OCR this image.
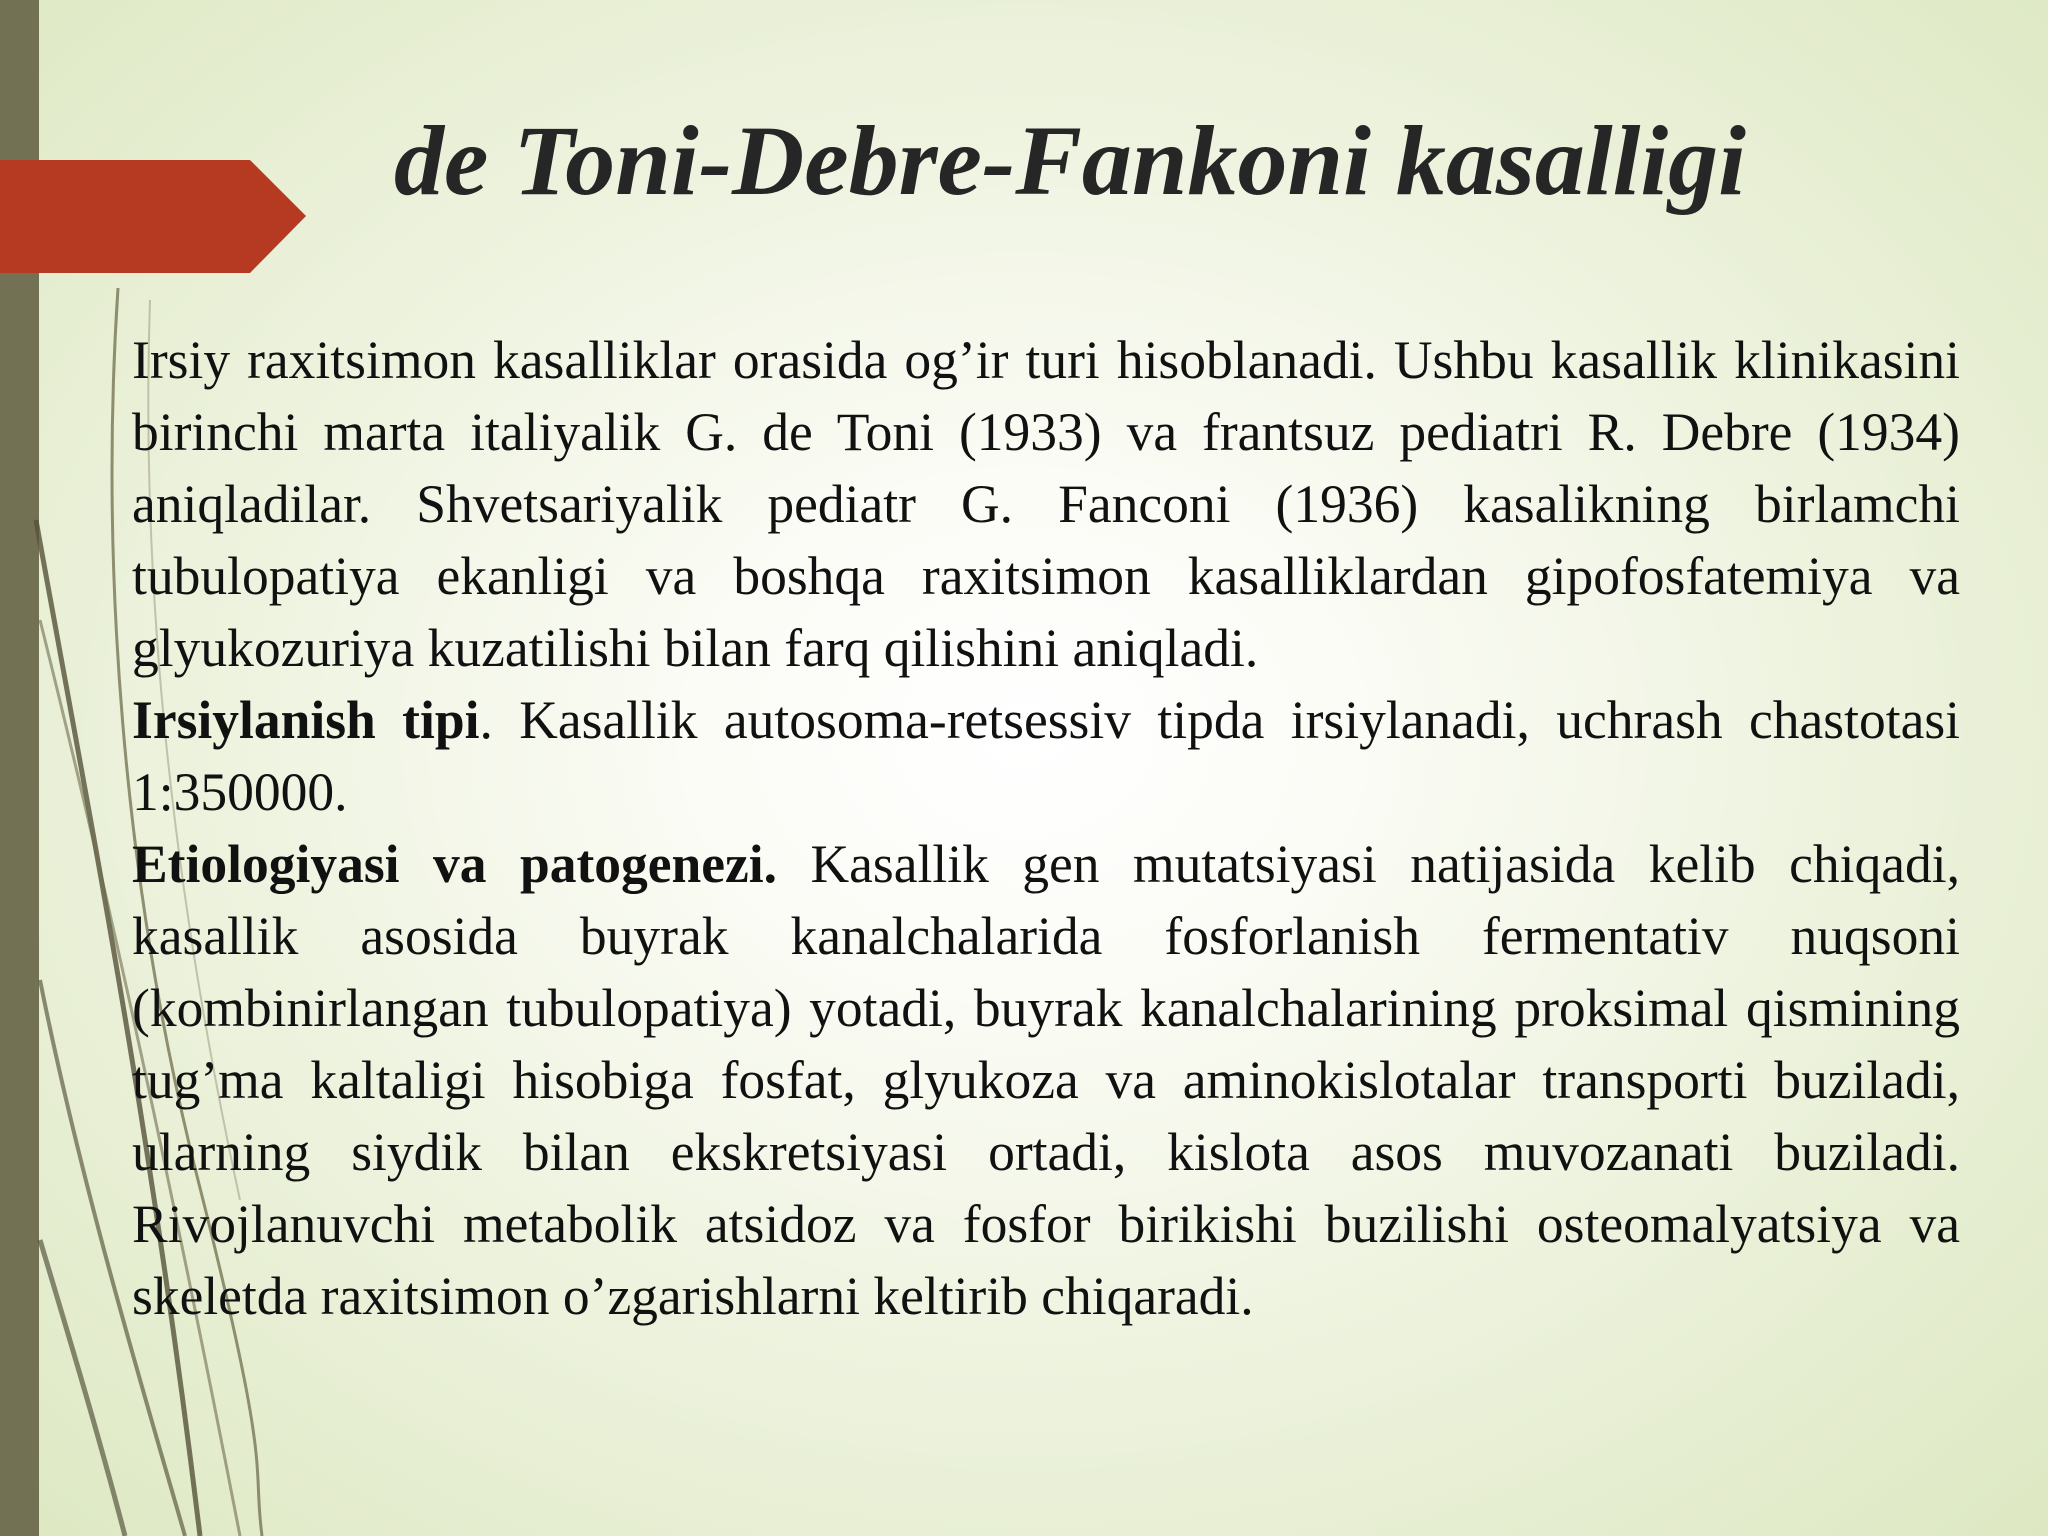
de Toni-Debre-Fankoni kasalligi

Irsiy raxitsimon kasalliklar orasida og’ir turi hisoblanadi. Ushbu kasallik klinikasini birinchi marta italiyalik G. de Toni (1933) va frantsuz pediatri R. Debre (1934) aniqladilar. Shvetsariyalik pediatr G. Fanconi (1936) kasalikning birlamchi tubulopatiya ekanligi va boshqa raxitsimon kasalliklardan gipofosfatemiya va glyukozuriya kuzatilishi bilan farq qilishini aniqladi.

Irsiylanish tipi. Kasallik autosoma-retsessiv tipda irsiylanadi, uchrash chastotasi 1:350000.

Etiologiyasi va patogenezi. Kasallik gen mutatsiyasi natijasida kelib chiqadi, kasallik asosida buyrak kanalchalarida fosforlanish fermentativ nuqsoni (kombinirlangan tubulopatiya) yotadi, buyrak kanalchalarining proksimal qismining tug’ma kaltaligi hisobiga fosfat, glyukoza va aminokislotalar transporti buziladi, ularning siydik bilan ekskretsiyasi ortadi, kislota asos muvozanati buziladi. Rivojlanuvchi metabolik atsidoz va fosfor birikishi buzilishi osteomalyatsiya va skeletda raxitsimon o’zgarishlarni keltirib chiqaradi.
